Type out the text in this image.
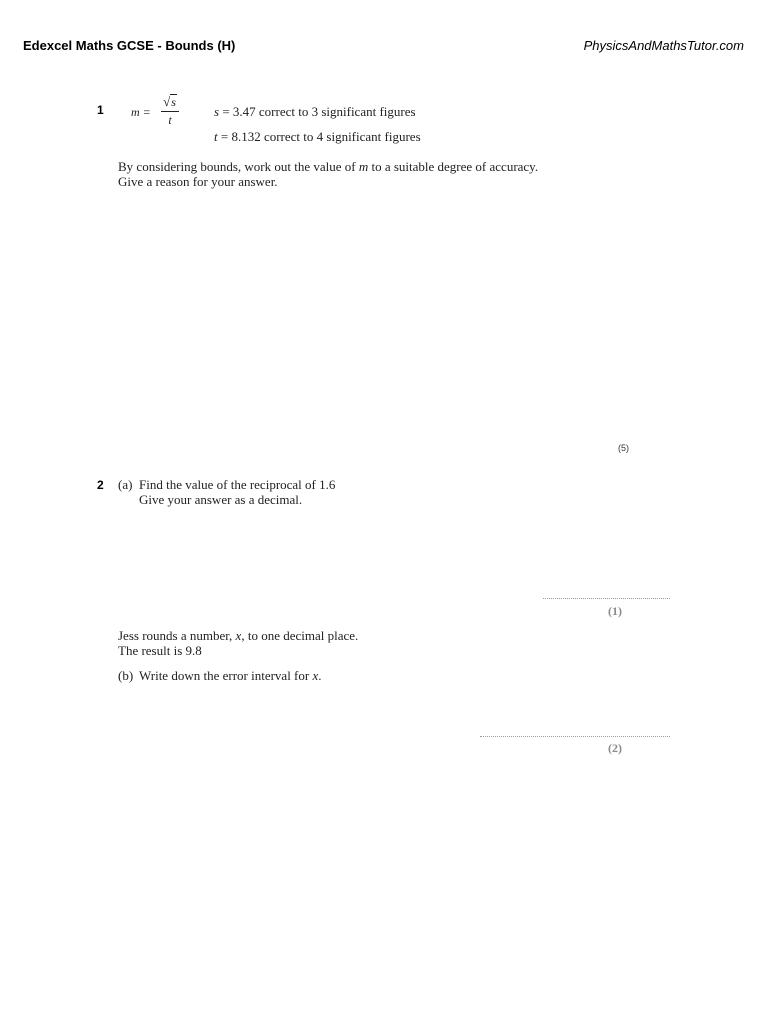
Edexcel Maths GCSE - Bounds (H)	PhysicsAndMathsTutor.com
1 m =
√s
t
s = 3.47 correct to 3 significant figures
t = 8.132 correct to 4 significant figures
By considering bounds, work out the value of m to a suitable degree of accuracy.
Give a reason for your answer.
(5)
2 (a) Find the value of the reciprocal of 1.6
Give your answer as a decimal.
(1)
Jess rounds a number, x, to one decimal place.
The result is 9.8
(b) Write down the error interval for x.
(2)
